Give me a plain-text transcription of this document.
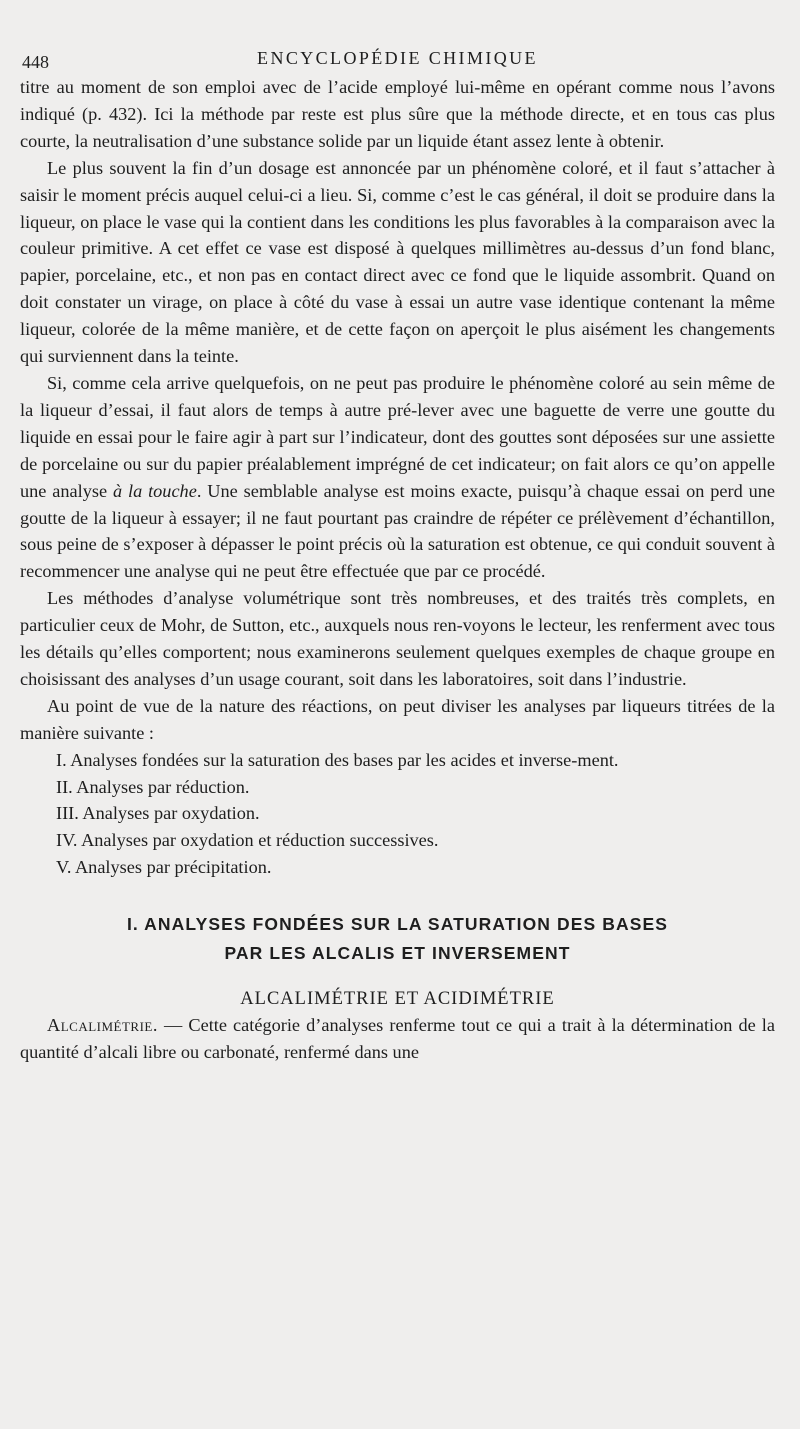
448	ENCYCLOPÉDIE CHIMIQUE

titre au moment de son emploi avec de l’acide employé lui-même en opérant comme nous l’avons indiqué (p. 432). Ici la méthode par reste est plus sûre que la méthode directe, et en tous cas plus courte, la neutralisation d’une substance solide par un liquide étant assez lente à obtenir.

Le plus souvent la fin d’un dosage est annoncée par un phénomène coloré, et il faut s’attacher à saisir le moment précis auquel celui-ci a lieu. Si, comme c’est le cas général, il doit se produire dans la liqueur, on place le vase qui la contient dans les conditions les plus favorables à la comparaison avec la couleur primitive. A cet effet ce vase est disposé à quelques millimètres au-dessus d’un fond blanc, papier, porcelaine, etc., et non pas en contact direct avec ce fond que le liquide assombrit. Quand on doit constater un virage, on place à côté du vase à essai un autre vase identique contenant la même liqueur, colorée de la même manière, et de cette façon on aperçoit le plus aisément les changements qui surviennent dans la teinte.

Si, comme cela arrive quelquefois, on ne peut pas produire le phénomène coloré au sein même de la liqueur d’essai, il faut alors de temps à autre pré-lever avec une baguette de verre une goutte du liquide en essai pour le faire agir à part sur l’indicateur, dont des gouttes sont déposées sur une assiette de porcelaine ou sur du papier préalablement imprégné de cet indicateur; on fait alors ce qu’on appelle une analyse à la touche. Une semblable analyse est moins exacte, puisqu’à chaque essai on perd une goutte de la liqueur à essayer; il ne faut pourtant pas craindre de répéter ce prélèvement d’échantillon, sous peine de s’exposer à dépasser le point précis où la saturation est obtenue, ce qui conduit souvent à recommencer une analyse qui ne peut être effectuée que par ce procédé.

Les méthodes d’analyse volumétrique sont très nombreuses, et des traités très complets, en particulier ceux de Mohr, de Sutton, etc., auxquels nous ren-voyons le lecteur, les renferment avec tous les détails qu’elles comportent; nous examinerons seulement quelques exemples de chaque groupe en choisissant des analyses d’un usage courant, soit dans les laboratoires, soit dans l’industrie.

Au point de vue de la nature des réactions, on peut diviser les analyses par liqueurs titrées de la manière suivante :

I. Analyses fondées sur la saturation des bases par les acides et inverse-ment.
II. Analyses par réduction.
III. Analyses par oxydation.
IV. Analyses par oxydation et réduction successives.
V. Analyses par précipitation.
I. ANALYSES FONDÉES SUR LA SATURATION DES BASES
PAR LES ALCALIS ET INVERSEMENT
ALCALIMÉTRIE ET ACIDIMÉTRIE

Alcalimétrie. — Cette catégorie d’analyses renferme tout ce qui a trait à la détermination de la quantité d’alcali libre ou carbonaté, renfermé dans une
